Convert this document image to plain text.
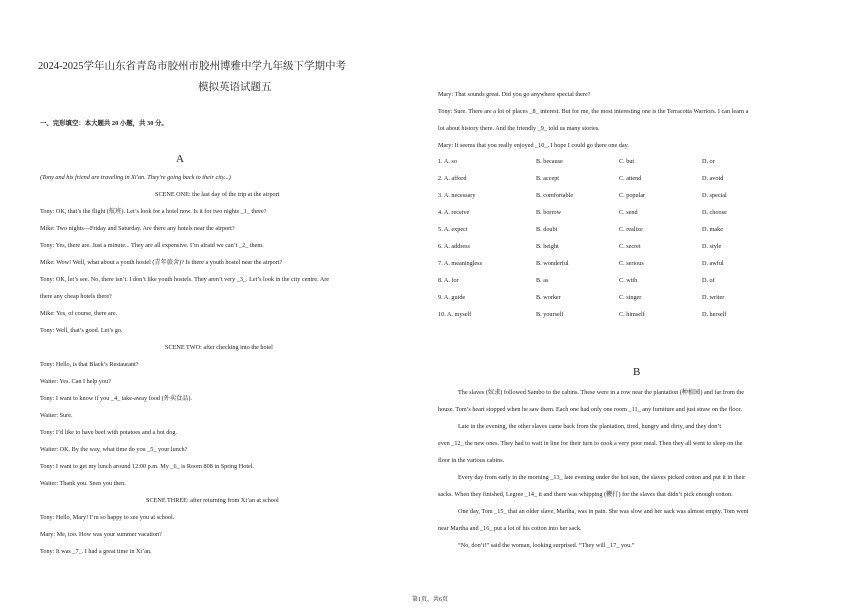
2024-2025学年山东省青岛市胶州市胶州博雅中学九年级下学期中考
模拟英语试题五
一、完形填空：本大题共 20 小题，共 30 分。
A
(Tony and his friend are traveling in Xi'an. They're going back to their city...)
SCENE ONE: the last day of the trip at the airport
Tony: OK, that’s the flight (航班). Let’s look for a hotel now. Is it for two nights _1_ three?
Mike: Two nights—Friday and Saturday. Are there any hotels near the airport?
Tony: Yes, there are. Just a minute... They are all expensive. I’m afraid we can’t _2_ them.
Mike: Wow! Well, what about a youth hostel (青年旅舍)? Is there a youth hostel near the airport?
Tony: OK, let’s see. No, there isn’t. I don’t like youth hostels. They aren’t very _3_. Let’s look in the city centre. Are
there any cheap hotels there?
Mike: Yes, of course, there are.
Tony: Well, that’s good. Let’s go.
SCENE TWO: after checking into the hotel
Tony: Hello, is that Black’s Restaurant?
Waiter: Yes. Can I help you?
Tony: I want to know if you _4_ take-away food (外卖食品).
Waiter: Sure.
Tony: I’d like to have beef with potatoes and a hot dog.
Waiter: OK. By the way, what time do you _5_ your lunch?
Tony: I want to get my lunch around 12:00 p.m. My _6_ is Room 808 in Spring Hotel.
Waiter: Thank you. Seen you then.
SCENE THREE: after returning from Xi’an at school
Tony: Hello, Mary! I’m so happy to see you at school.
Mary: Me, too. How was your summer vacation?
Tony: It was _7_. I had a great time in Xi’an.
Mary: That sounds great. Did you go anywhere special there?
Tony: Sure. There are a lot of places _8_ interest. But for me, the most interesting one is the Terracotta Warriors. I can learn a
lot about history there. And the friendly _9_ told us many stories.
Mary: It seems that you really enjoyed _10_. I hope I could go there one day.
1. A. so	B. because	C. but	D. or
2. A. afford	B. accept	C. attend	D. avoid
3. A. necessary	B. comfortable	C. popular	D. special
4. A. receive	B. borrow	C. send	D. choose
5. A. expect	B. doubt	C. realize	D. make
6. A. address	B. height	C. secret	D. style
7. A. meaningless	B. wonderful	C. serious	D. awful
8. A. for	B. as	C. with	D. of
9. A. guide	B. worker	C. singer	D. writer
10. A. myself	B. yourself	C. himself	D. herself
B
The slaves (奴隶) followed Sambo to the cabins. These were in a row near the plantation (种植园) and far from the
house. Tom’s heart stopped when he saw them. Each one had only one room _11_ any furniture and just straw on the floor.
Late in the evening, the other slaves came back from the plantation, tired, hungry and dirty, and they don’t
even _12_ the new ones. They had to wait in line for their turn to cook a very poor meal. Then they all went to sleep on the
floor in the various cabins.
Every day from early in the morning _13_ late evening under the hot sun, the slaves picked cotton and put it in their
sacks. When they finished, Legree _14_ it and there was whipping (鞭打) for the slaves that didn’t pick enough cotton.
One day, Tom _15_ that an older slave, Martha, was in pain. She was slow and her sack was almost empty. Tom went
near Martha and _16_ put a lot of his cotton into her sack.
“No, don’t!” said the woman, looking surprised. “They will _17_ you.”
第1页，共6页
